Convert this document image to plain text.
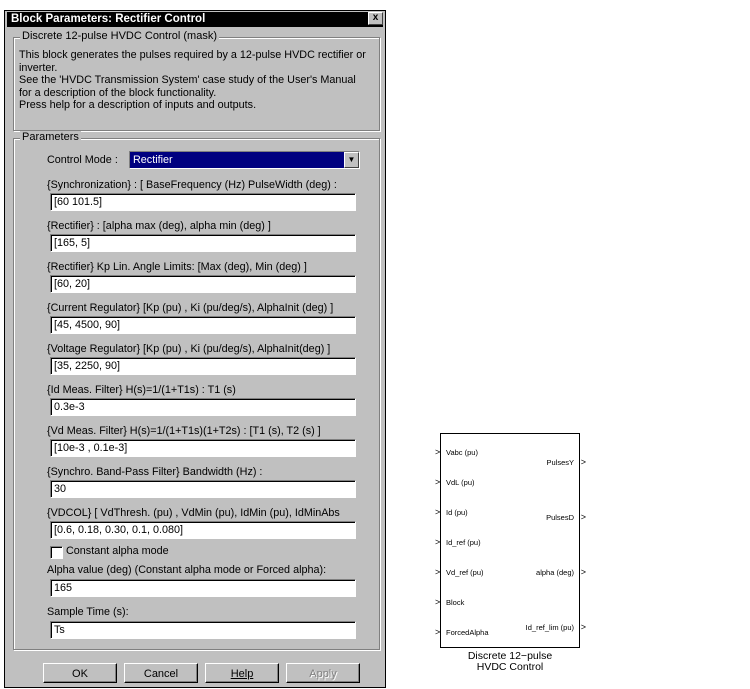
Block Parameters: Rectifier Control	x
Discrete 12-pulse HVDC Control (mask)
This block generates the pulses required by a 12-pulse HVDC rectifier or
inverter.
See the 'HVDC Transmission System' case study of the User's Manual
for a description of the block functionality.
Press help for a description of inputs and outputs.
Parameters
Control Mode : Rectifier	▼
{Synchronization} : [ BaseFrequency (Hz) PulseWidth (deg) :
[60 101.5]
{Rectifier} : [alpha max (deg), alpha min (deg) ]
[165, 5]
{Rectifier} Kp Lin. Angle Limits: [Max (deg), Min (deg) ]
[60, 20]
{Current Regulator} [Kp (pu) , Ki (pu/deg/s), AlphaInit (deg) ]
[45, 4500, 90]
{Voltage Regulator} [Kp (pu) , Ki (pu/deg/s), AlphaInit(deg) ]
[35, 2250, 90]
{Id Meas. Filter} H(s)=1/(1+T1s) : T1 (s)
0.3e-3
{Vd Meas. Filter} H(s)=1/(1+T1s)(1+T2s) : [T1 (s), T2 (s) ]
[10e-3 , 0.1e-3]
{Synchro. Band-Pass Filter} Bandwidth (Hz) :
30
{VDCOL} [ VdThresh. (pu) , VdMin (pu), IdMin (pu), IdMinAbs
[0.6, 0.18, 0.30, 0.1, 0.080]
Constant alpha mode
Alpha value (deg) (Constant alpha mode or Forced alpha):
165
Sample Time (s):
Ts
OK	Cancel	Help	Apply
> Vabc (pu)
> VdL (pu)
> Id (pu)
> Id_ref (pu)
> Vd_ref (pu)
> Block
> ForcedAlpha
PulsesY >
PulsesD >
alpha (deg) >
Id_ref_lim (pu) >
Discrete 12−pulse
HVDC Control
